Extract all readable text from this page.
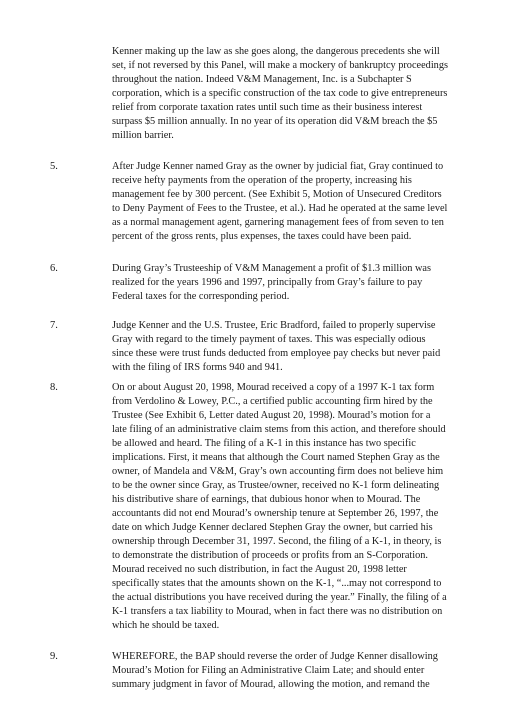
Kenner making up the law as she goes along, the dangerous precedents she will
set, if not reversed by this Panel, will make a mockery of bankruptcy proceedings
throughout the nation. Indeed V&M Management, Inc. is a Subchapter S
corporation, which is a specific construction of the tax code to give entrepreneurs
relief from corporate taxation rates until such time as their business interest
surpass $5 million annually. In no year of its operation did V&M breach the $5
million barrier.
5.	After Judge Kenner named Gray as the owner by judicial fiat, Gray continued to
receive hefty payments from the operation of the property, increasing his
management fee by 300 percent. (See Exhibit 5, Motion of Unsecured Creditors
to Deny Payment of Fees to the Trustee, et al.). Had he operated at the same level
as a normal management agent, garnering management fees of from seven to ten
percent of the gross rents, plus expenses, the taxes could have been paid.
6.	During Gray’s Trusteeship of V&M Management a profit of $1.3 million was
realized for the years 1996 and 1997, principally from Gray’s failure to pay
Federal taxes for the corresponding period.
7.	Judge Kenner and the U.S. Trustee, Eric Bradford, failed to properly supervise
Gray with regard to the timely payment of taxes. This was especially odious
since these were trust funds deducted from employee pay checks but never paid
with the filing of IRS forms 940 and 941.
8.	On or about August 20, 1998, Mourad received a copy of a 1997 K-1 tax form
from Verdolino & Lowey, P.C., a certified public accounting firm hired by the
Trustee (See Exhibit 6, Letter dated August 20, 1998). Mourad’s motion for a
late filing of an administrative claim stems from this action, and therefore should
be allowed and heard. The filing of a K-1 in this instance has two specific
implications. First, it means that although the Court named Stephen Gray as the
owner, of Mandela and V&M, Gray’s own accounting firm does not believe him
to be the owner since Gray, as Trustee/owner, received no K-1 form delineating
his distributive share of earnings, that dubious honor when to Mourad. The
accountants did not end Mourad’s ownership tenure at September 26, 1997, the
date on which Judge Kenner declared Stephen Gray the owner, but carried his
ownership through December 31, 1997. Second, the filing of a K-1, in theory, is
to demonstrate the distribution of proceeds or profits from an S-Corporation.
Mourad received no such distribution, in fact the August 20, 1998 letter
specifically states that the amounts shown on the K-1, “...may not correspond to
the actual distributions you have received during the year.” Finally, the filing of a
K-1 transfers a tax liability to Mourad, when in fact there was no distribution on
which he should be taxed.
9.	WHEREFORE, the BAP should reverse the order of Judge Kenner disallowing
Mourad’s Motion for Filing an Administrative Claim Late; and should enter
summary judgment in favor of Mourad, allowing the motion, and remand the
